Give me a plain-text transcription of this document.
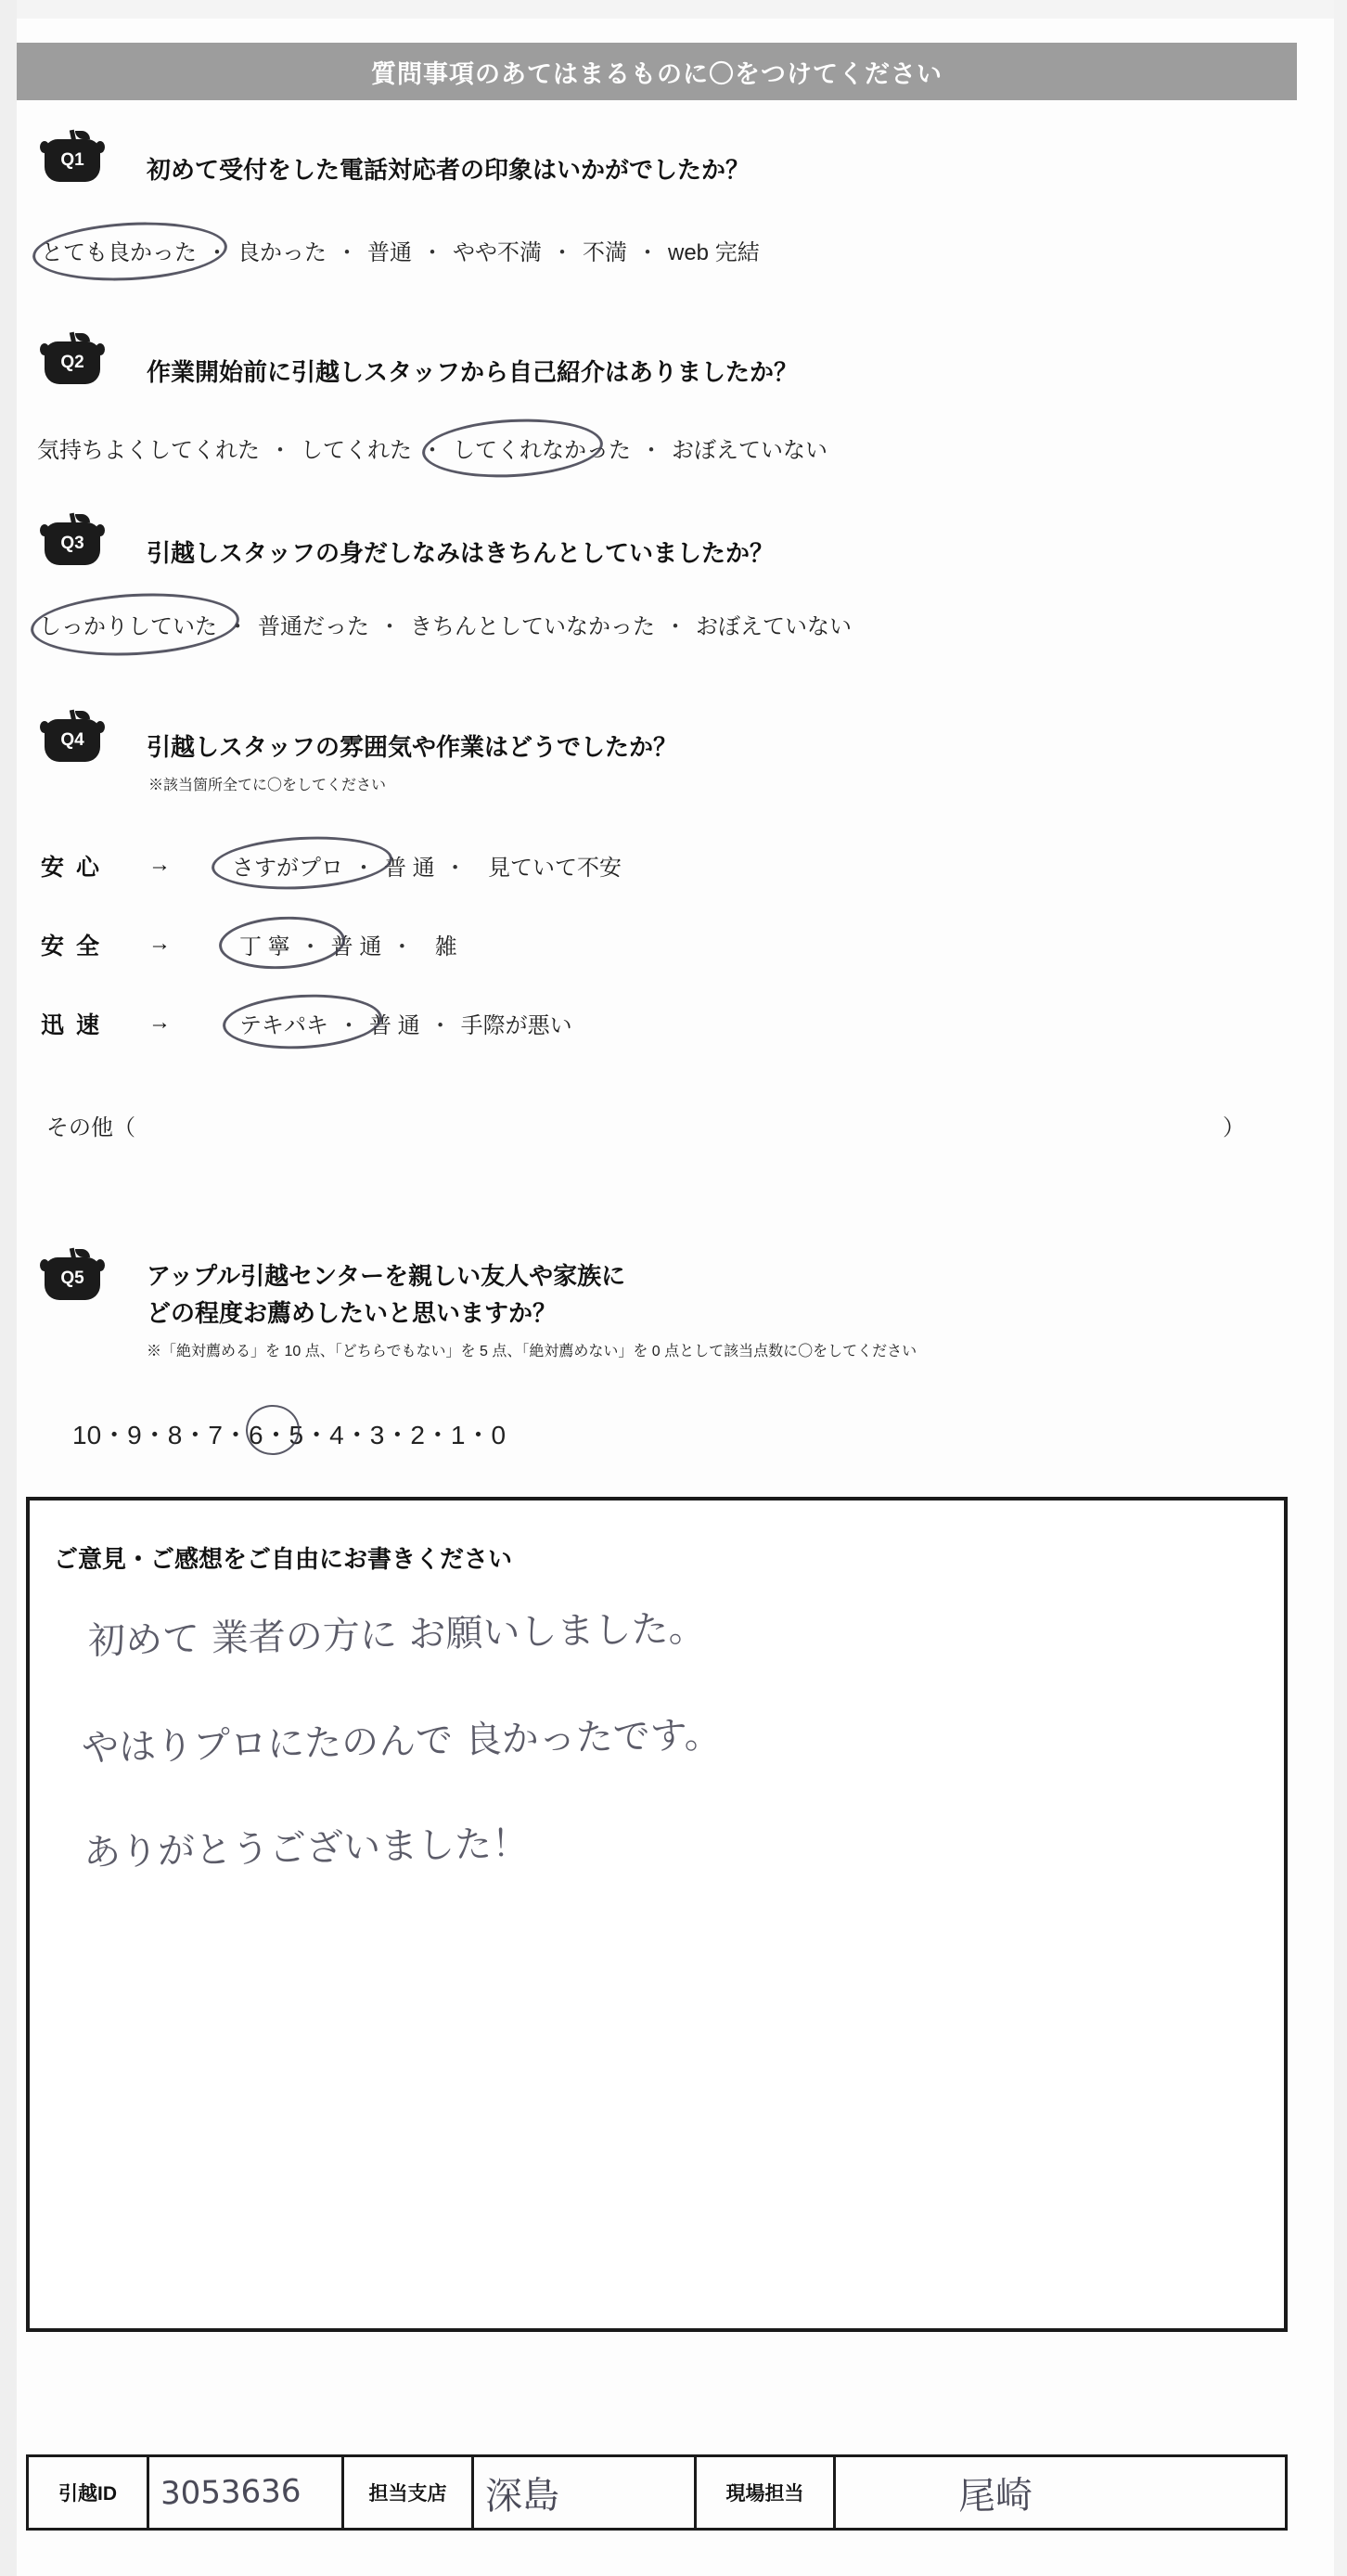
質問事項のあてはまるものに〇をつけてください
Q1	初めて受付をした電話対応者の印象はいかがでしたか？
とても良かった ・ 良かった ・ 普通 ・ やや不満 ・ 不満 ・ web 完結
Q2	作業開始前に引越しスタッフから自己紹介はありましたか？
気持ちよくしてくれた ・ してくれた ・ してくれなかった ・ おぼえていない
Q3	引越しスタッフの身だしなみはきちんとしていましたか？
しっかりしていた ・ 普通だった ・ きちんとしていなかった ・ おぼえていない
Q4	引越しスタッフの雰囲気や作業はどうでしたか？
※該当箇所全てに〇をしてください
安 心 →	さすがプロ ・ 普 通 ・ 見ていて不安
安 全 →	丁 寧 ・ 普 通 ・ 雑
迅 速 →	テキパキ ・ 普 通 ・ 手際が悪い
その他（	）
Q5	アップル引越センターを親しい友人や家族に
どの程度お薦めしたいと思いますか？
※「絶対薦める」を 10 点、「どちらでもない」を 5 点、「絶対薦めない」を 0 点として該当点数に〇をしてください
10・9・8・7・6・5・4・3・2・1・0
ご意見・ご感想をご自由にお書きください
初めて 業者の方に お願いしました。
やはりプロにたのんで 良かったです。
ありがとうございました！
引越ID	3053636	担当支店	深島	現場担当	尾崎
